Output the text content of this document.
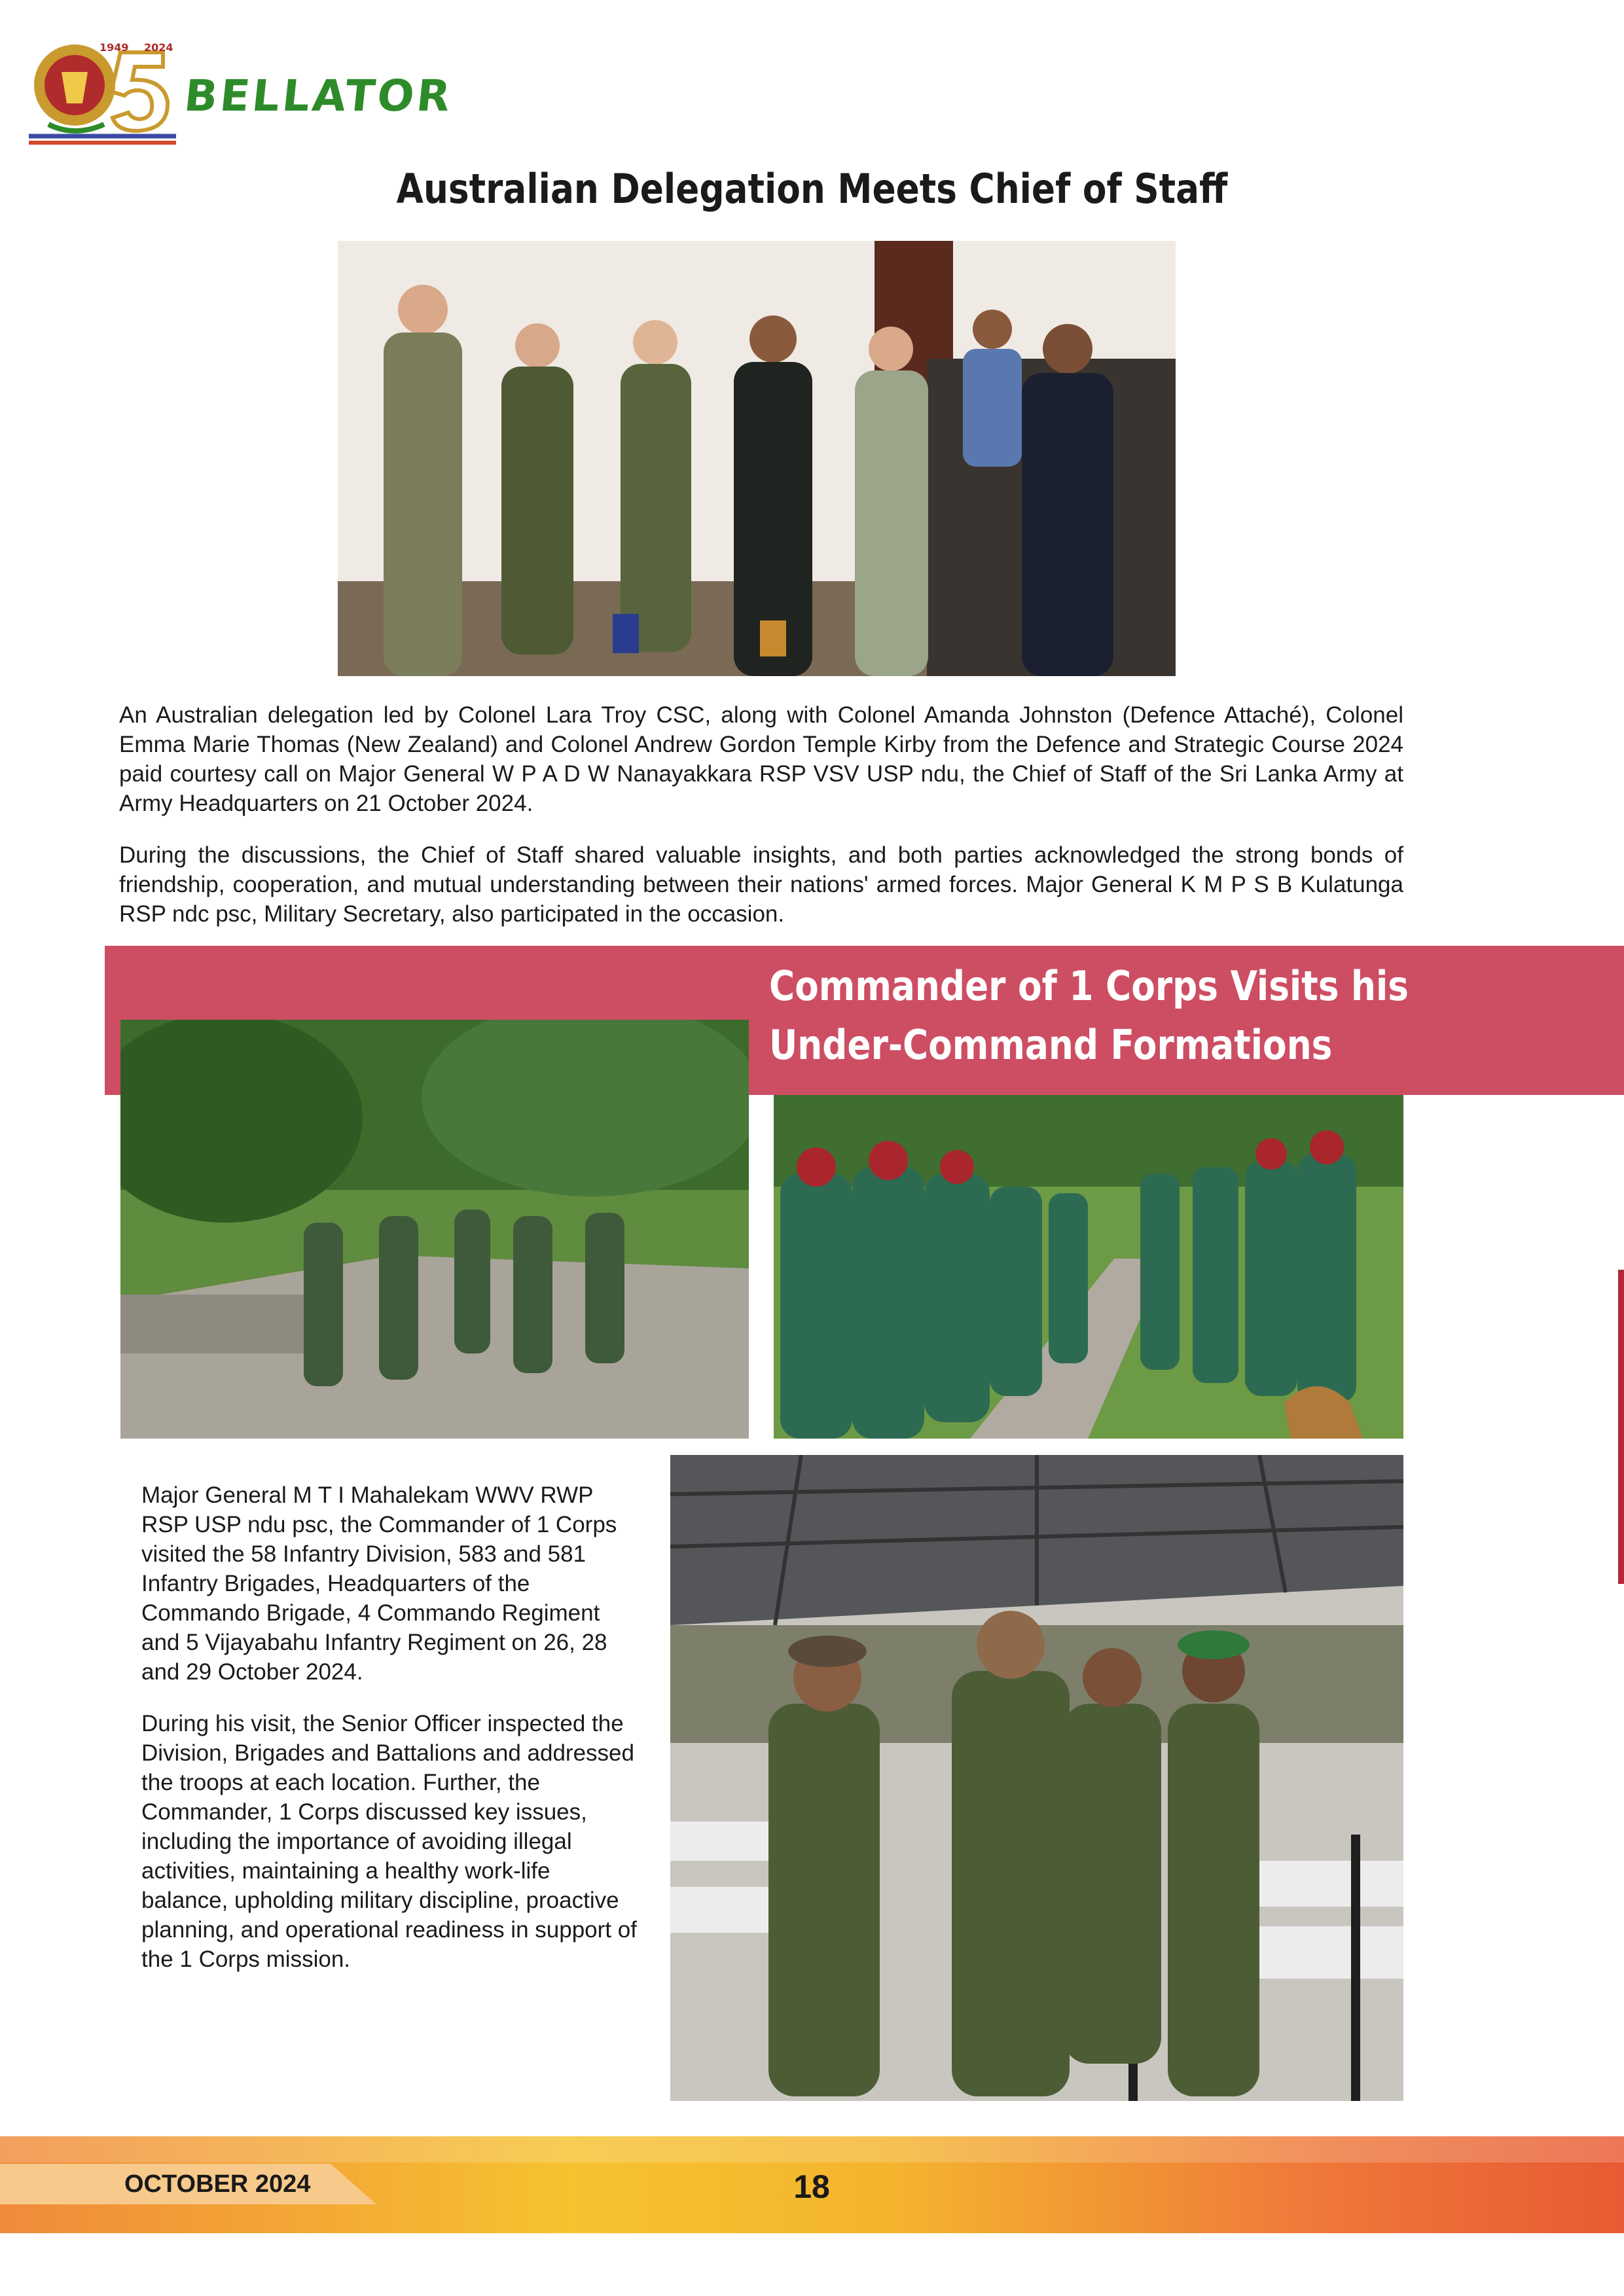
1949 2024
BELLATOR
Australian Delegation Meets Chief of Staff

An Australian delegation led by Colonel Lara Troy CSC, along with Colonel Amanda Johnston (Defence Attaché), Colonel Emma Marie Thomas (New Zealand) and Colonel Andrew Gordon Temple Kirby from the Defence and Strategic Course 2024 paid courtesy call on Major General W P A D W Nanayakkara RSP VSV USP ndu, the Chief of Staff of the Sri Lanka Army at Army Headquarters on 21 October 2024.

During the discussions, the Chief of Staff shared valuable insights, and both parties acknowledged the strong bonds of friendship, cooperation, and mutual understanding between their nations' armed forces. Major General K M P S B Kulatunga RSP ndc psc, Military Secretary, also participated in the occasion.

Commander of 1 Corps Visits his
Under-Command Formations

Major General M T I Mahalekam WWV RWP RSP USP ndu psc, the Commander of 1 Corps visited the 58 Infantry Division, 583 and 581 Infantry Brigades, Headquarters of the Commando Brigade, 4 Commando Regiment and 5 Vijayabahu Infantry Regiment on 26, 28 and 29 October 2024.

During his visit, the Senior Officer inspected the Division, Brigades and Battalions and addressed the troops at each location. Further, the Commander, 1 Corps discussed key issues, including the importance of avoiding illegal activities, maintaining a healthy work-life balance, upholding military discipline, proactive planning, and operational readiness in support of the 1 Corps mission.

OCTOBER 2024	18
